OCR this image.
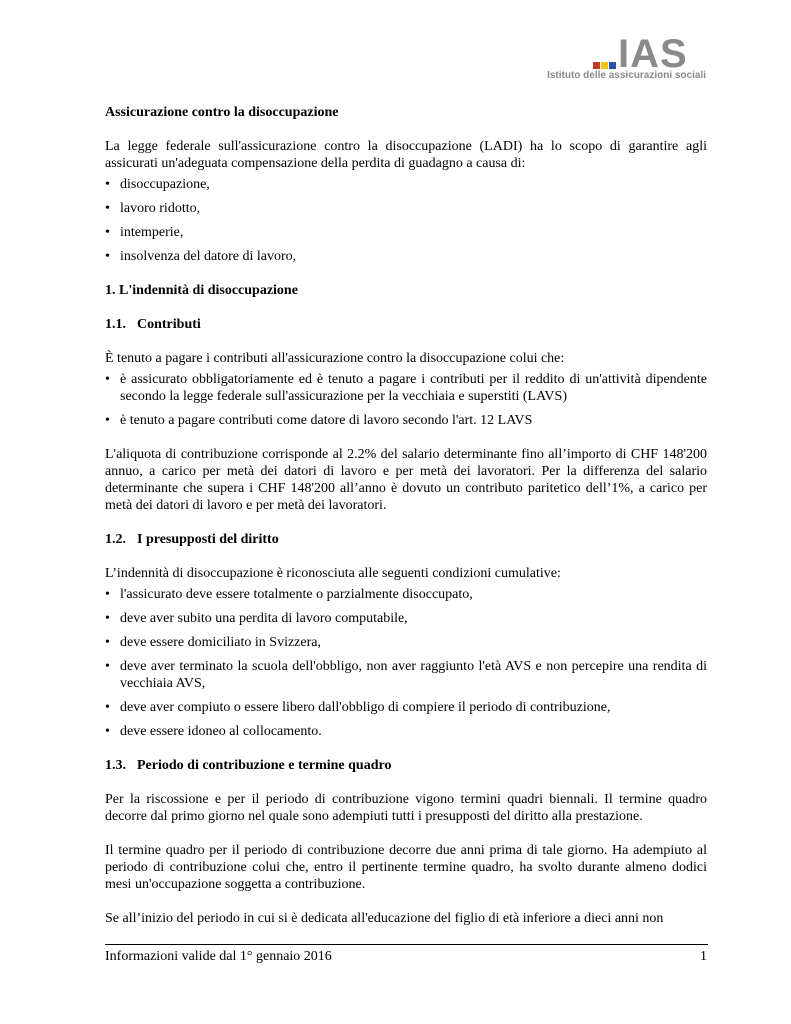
IAS
Istituto delle assicurazioni sociali

Assicurazione contro la disoccupazione

La legge federale sull'assicurazione contro la disoccupazione (LADI) ha lo scopo di garantire agli assicurati un'adeguata compensazione della perdita di guadagno a causa di:

• disoccupazione,
• lavoro ridotto,
• intemperie,
• insolvenza del datore di lavoro,

1. L'indennità di disoccupazione

1.1. Contributi

È tenuto a pagare i contributi all'assicurazione contro la disoccupazione colui che:

• è assicurato obbligatoriamente ed è tenuto a pagare i contributi per il reddito di un'attività dipendente secondo la legge federale sull'assicurazione per la vecchiaia e superstiti (LAVS)
• è tenuto a pagare contributi come datore di lavoro secondo l'art. 12 LAVS

L'aliquota di contribuzione corrisponde al 2.2% del salario determinante fino all’importo di CHF 148'200 annuo, a carico per metà dei datori di lavoro e per metà dei lavoratori. Per la differenza del salario determinante che supera i CHF 148'200 all’anno è dovuto un contributo paritetico dell’1%, a carico per metà dei datori di lavoro e per metà dei lavoratori.

1.2. I presupposti del diritto

L’indennità di disoccupazione è riconosciuta alle seguenti condizioni cumulative:

• l'assicurato deve essere totalmente o parzialmente disoccupato,
• deve aver subito una perdita di lavoro computabile,
• deve essere domiciliato in Svizzera,
• deve aver terminato la scuola dell'obbligo, non aver raggiunto l'età AVS e non percepire una rendita di vecchiaia AVS,
• deve aver compiuto o essere libero dall'obbligo di compiere il periodo di contribuzione,
• deve essere idoneo al collocamento.

1.3. Periodo di contribuzione e termine quadro

Per la riscossione e per il periodo di contribuzione vigono termini quadri biennali. Il termine quadro decorre dal primo giorno nel quale sono adempiuti tutti i presupposti del diritto alla prestazione.

Il termine quadro per il periodo di contribuzione decorre due anni prima di tale giorno. Ha adempiuto al periodo di contribuzione colui che, entro il pertinente termine quadro, ha svolto durante almeno dodici mesi un'occupazione soggetta a contribuzione.

Se all’inizio del periodo in cui si è dedicata all'educazione del figlio di età inferiore a dieci anni non

Informazioni valide dal 1° gennaio 2016	1
